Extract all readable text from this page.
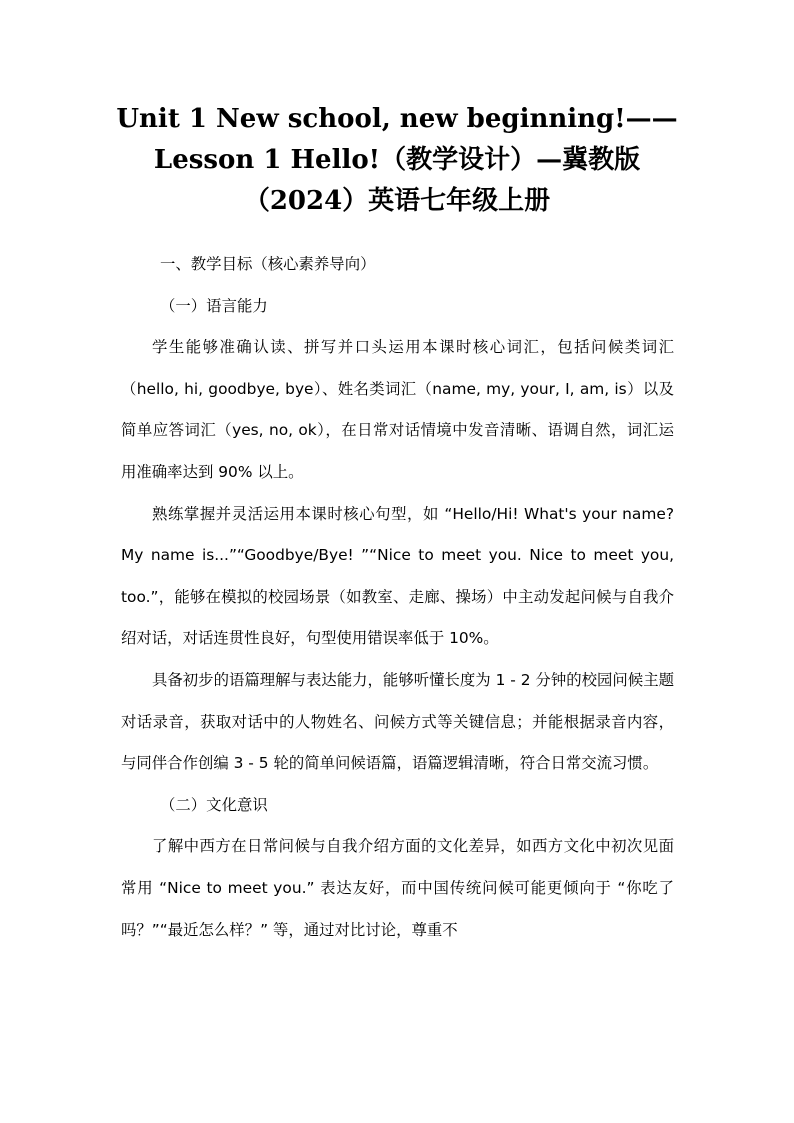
Unit 1 New school, new beginning!——Lesson 1 Hello!（教学设计）—冀教版（2024）英语七年级上册
一、教学目标（核心素养导向）
（一）语言能力

学生能够准确认读、拼写并口头运用本课时核心词汇，包括问候类词汇（hello, hi, goodbye, bye）、姓名类词汇（name, my, your, I, am, is）以及简单应答词汇（yes, no, ok），在日常对话情境中发音清晰、语调自然，词汇运用准确率达到 90% 以上。

熟练掌握并灵活运用本课时核心句型，如 “Hello/Hi! What's your name? My name is...”“Goodbye/Bye! ”“Nice to meet you. Nice to meet you, too.”，能够在模拟的校园场景（如教室、走廊、操场）中主动发起问候与自我介绍对话，对话连贯性良好，句型使用错误率低于 10%。

具备初步的语篇理解与表达能力，能够听懂长度为 1 - 2 分钟的校园问候主题对话录音，获取对话中的人物姓名、问候方式等关键信息；并能根据录音内容，与同伴合作创编 3 - 5 轮的简单问候语篇，语篇逻辑清晰，符合日常交流习惯。

（二）文化意识

了解中西方在日常问候与自我介绍方面的文化差异，如西方文化中初次见面常用 “Nice to meet you.” 表达友好，而中国传统问候可能更倾向于 “你吃了吗？”“最近怎么样？” 等，通过对比讨论，尊重不
